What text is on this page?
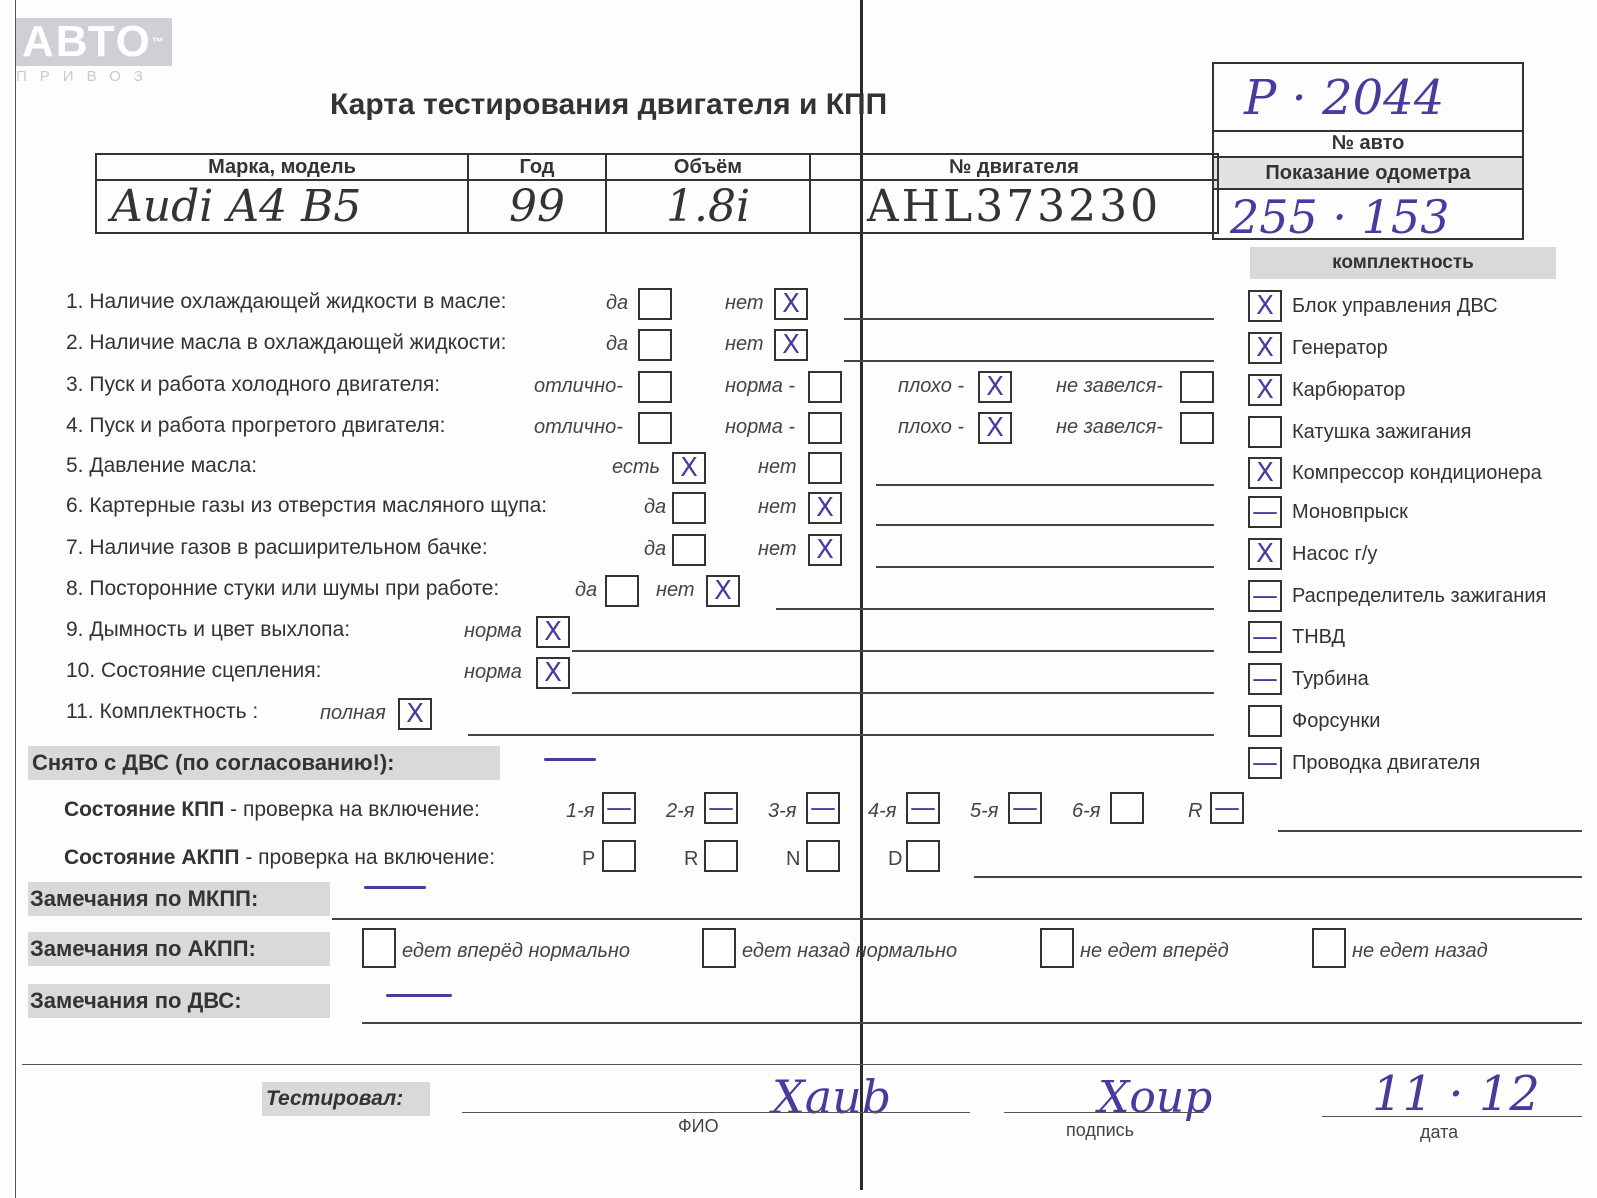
АВТО™
ПРИВОЗ
Карта тестирования двигателя и КПП	P · 2044
№ авто
Показание одометра
255 · 153
Марка, модель	Год	Объём	№ двигателя
Audi A4 B5	99	1.8i	AHL373230
1. Наличие охлаждающей жидкости в масле:	да	нет X
2. Наличие масла в охлаждающей жидкости:	да	нет X
3. Пуск и работа холодного двигателя:	отлично-	норма -	плохо - X	не завелся-
4. Пуск и работа прогретого двигателя:	отлично-	норма -	плохо - X	не завелся-
5. Давление масла:	есть X	нет
6. Картерные газы из отверстия масляного щупа:	да	нет X
7. Наличие газов в расширительном бачке:	да	нет X
8. Посторонние стуки или шумы при работе:	да	нет X
9. Дымность и цвет выхлопа:	норма X
10. Состояние сцепления:	норма X
11. Комплектность :	полная X
комплектность
X Блок управления ДВС
X Генератор
X Карбюратор
Катушка зажигания
X Компрессор кондиционера
— Моновпрыск
X Насос г/у
— Распределитель зажигания
— ТНВД
— Турбина
Форсунки
— Проводка двигателя
Снято с ДВС (по согласованию!):
Состояние КПП - проверка на включение:	1-я — 2-я — 3-я — 4-я — 5-я — 6-я	R —
Состояние АКПП - проверка на включение:	P	R	N	D
Замечания по МКПП:
Замечания по АКПП:	едет вперёд нормально	едет назад нормально	не едет вперёд	не едет назад
Замечания по ДВС:
Тестировал:	Xaиb
ФИО
Xoup
подпись
11 · 12
дата
